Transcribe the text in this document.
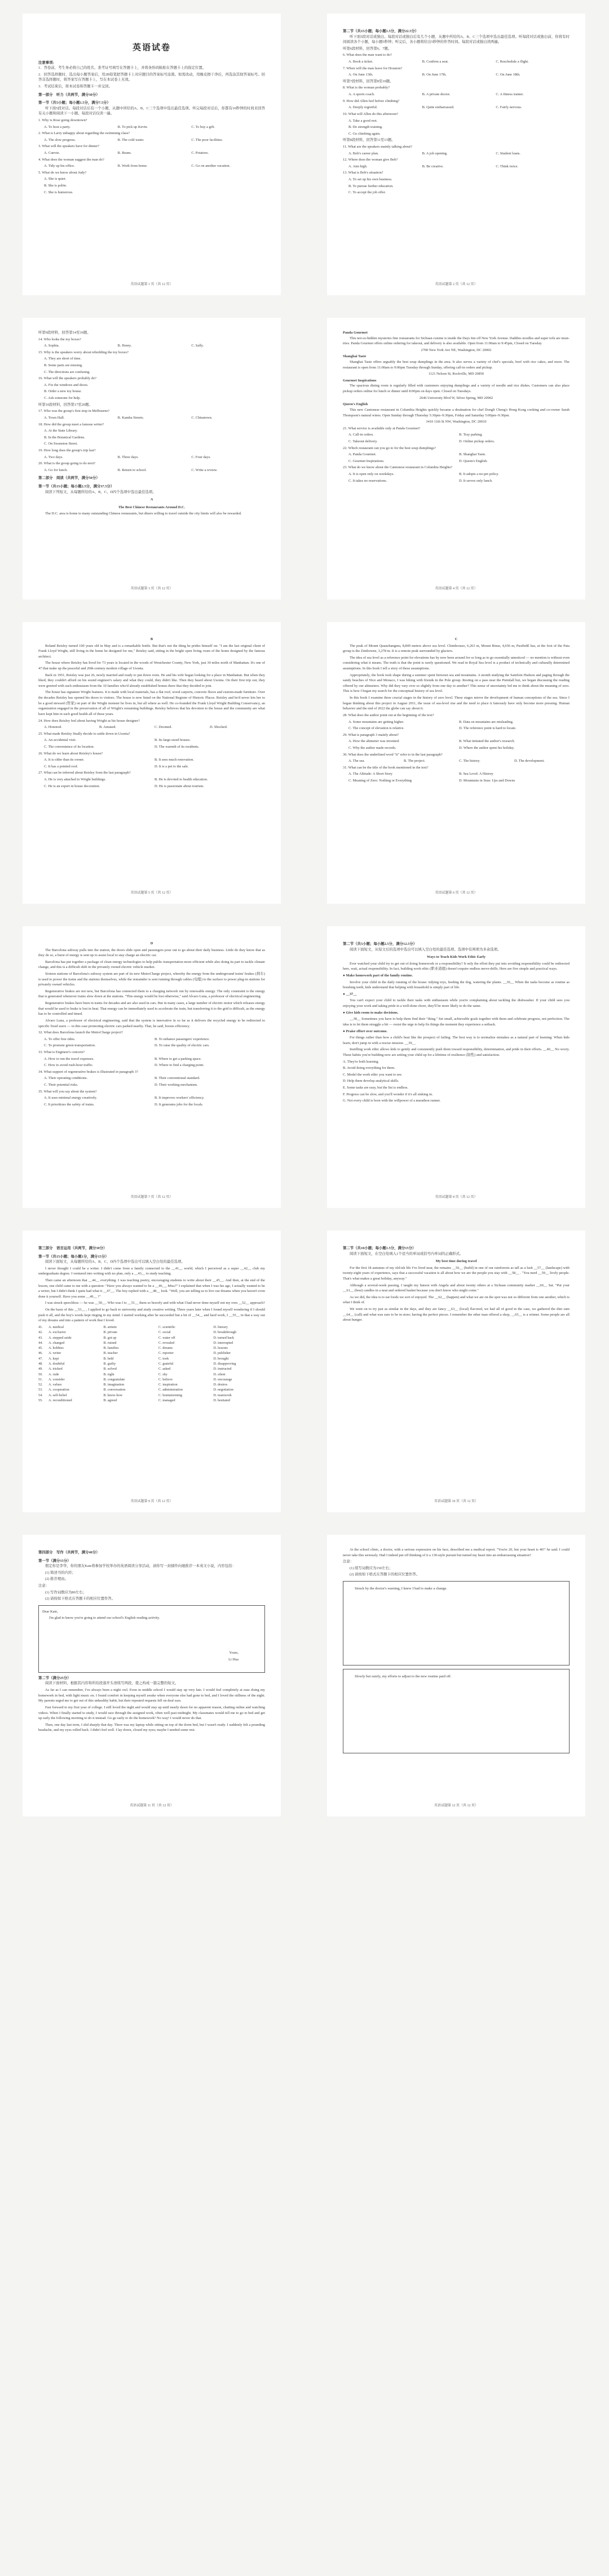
英语试卷
注意事项:

1．答卷前，考生务必将自己的姓名、准考证号填写在答题卡上，并将条形码粘贴在答题卡上的指定位置。

2．回答选择题时，选出每小题答案后，用2B铅笔把答题卡上对应题目的答案标号涂黑。如需改动，用橡皮擦干净后，再选涂其他答案标号。回答非选择题时，将答案写在答题卡上，写在本试卷上无效。

3．考试结束后，将本试卷和答题卡一并交回。

第一部分　听力（共两节，满分30分）
第一节（共5小题；每小题1.5分，满分7.5分）

听下面5段对话。每段对话后有一个小题，从题中所给的A、B、C三个选项中选出最佳选项。听完每段对话后，你都有10秒钟的时间来回答有关小题和阅读下一小题。每段对话仅读一遍。

1. Why is Rose going downtown?

A. To host a party.	B. To pick up Kevin.	C. To buy a gift.

2. What is Larry unhappy about regarding the swimming class?

A. The slow progress.	B. The cold water.	C. The poor facilities.

3. What will the speakers have for dinner?

A. Carrots.	B. Beans.	C. Potatoes.

4. What does the woman suggest the man do?

A. Tidy up his office.	B. Work from home.	C. Go on another vacation.

5. What do we know about Judy?

A. She is quiet.

B. She is polite.

C. She is humorous.

英语试题第 1 页（共 12 页）
第二节（共15小题；每小题1.5分，满分22.5分）

听下面5段对话或独白。每段对话或独白后有几个小题，从题中所给的A、B、C三个选项中选出最佳选项。听每段对话或独白前，你将有时间阅读各个小题，每小题5秒钟；听完后，各小题将给出5秒钟的作答时间。每段对话或独白读两遍。

听第6段材料，回答第6、7题。

6. What does the man want to do?

A. Book a ticket.	B. Confirm a seat.	C. Reschedule a flight.

7. When will the man leave for Houston?

A. On June 13th.	B. On June 17th.	C. On June 18th.

听第7段材料，回答第8至10题。

8. What is the woman probably?

A. A sports coach.	B. A private doctor.	C. A fitness trainer.

9. How did Allen feel before climbing?

A. Deeply regretful.	B. Quite embarrassed.	C. Fairly nervous.

10. What will Allen do this afternoon?

A. Take a good rest.

B. Do strength training.

C. Go climbing again.

听第8段材料，回答第11至13题。

11. What are the speakers mainly talking about?

A. Bob's career plan.	B. A job opening.	C. Student loans.

12. Where does the woman give Bob?

A. Aim high.	B. Be creative.	C. Think twice.

13. What is Bob's situation?

A. To set up his own business.

B. To pursue further education.

C. To accept the job offer.

英语试题第 2 页（共 12 页）

听第9段材料，回答第14至16题。

14. Who looks the toy boxes?

A. Sophia.	B. Henry.	C. Sally.

15. Why is the speakers worry about rebuilding the toy boxes?

A. They are short of time.

B. Some parts are missing.

C. The directions are confusing.

16. What will the speakers probably do?

A. Fix the windows and doors.

B. Order a new toy house.

C. Ask someone for help.

听第10段材料，回答第17至20题。

17. Who was the group's first stop in Melbourne?

A. Town Hall.	B. Kamba Streets.	C. Chinatown.

18. How did the group meet a famous writer?

A. At the State Library.

B. In the Botanical Gardens.

C. On Swanston Street.

19. How long does the group's trip last?

A. Two days.	B. Three days.	C. Four days.

20. What is the group going to do next?

A. Go for lunch.	B. Return to school.	C. Write a review.
第二部分　阅读（共两节，满分50分）
第一节（共15小题；每小题2.5分，满分37.5分）

阅读下列短文，从每题所给的A、B、C、D四个选项中选出最佳选项。

A
The Best Chinese Restaurants Around D.C.

The D.C. area is home to many outstanding Chinese restaurants, but diners willing to travel outside the city limits will also be rewarded.

英语试题第 3 页（共 12 页）
Panda Gourmet

This not-so-hidden mysteries fine restaurants for Sichuan cuisine is inside the Days Inn off New York Avenue. Daddies noodles and super tofu are must-tries. Panda Gourmet offers online ordering for takeout, and delivery is also available. Open from 11:00am to 9:45pm, Closed on Tuesday.

2700 New York Ave NE, Washington, DC 20002

Shanghai Taste

Shanghai Taste offers arguably the best soup dumplings in the area. It also serves a variety of chef's specials, beef with rice cakes, and more. The restaurant is open from 11:00am to 9:00pm Tuesday through Sunday, offering call-in orders and pickup.

1121 Nelson St, Rockville, MD 20850

Gourmet Inspirations

The spacious dining room is regularly filled with customers enjoying dumplings and a variety of noodle and rice dishes. Customers can also place pickup orders online for lunch or dinner until 8:00pm on days open. Closed on Tuesdays.

2646 University Blvd W, Silver Spring, MD 20902

Queen's English

This new Cantonese restaurant in Columbia Heights quickly became a destination for chef Dongli Cheng's Hong Kong cooking and co-owner Sarah Thompson's natural wines. Open Sunday through Thursday 5:30pm–9:30pm, Friday and Saturday 5:00pm–9:30pm.

3410 11th St NW, Washington, DC 20010

21. What service is available only at Panda Gourmet?

A. Call-in orders.	B. Tray parking.
C. Takeout delivery.	D. Online pickup orders.

22. Which restaurant can you go to for the best soup dumplings?

A. Panda Gourmet.	B. Shanghai Taste.
C. Gourmet Inspirations.	D. Queen's English.

23. What do we know about the Cantonese restaurant in Columbia Heights?

A. It is open only on weekdays.	B. It adopts a no-pet policy.
C. It takes no reservations.	D. It serves only lunch.
英语试题第 4 页（共 12 页）
B

Roland Reisley turned 100 years old in May and is a remarkable bottle. But that's not the thing he prides himself on. "I am the last original client of Frank Lloyd Wright, still living in the home he designed for me," Reisley said, sitting in the bright open living room of the home designed by the famous architect.

The house where Reisley has lived for 73 years is located in the woods of Westchester County, New York, just 30 miles north of Manhattan. It's one of 47 that make up the peaceful and 20th-century modern village of Usonia.

Back in 1951, Reisley was just 26, newly married and ready to put down roots. He and his wife began looking for a place in Manhattan. But when they liked, they couldn't afford on his sound engineer's salary and what they could, they didn't like. Then they heard about Usonia. On their first trip out, they were greeted with such enthusiasm from the 10 families who'd already established homes there that they decided to join.

The house has signature Wright features. It is made with local materials, has a flat roof, wood carports, concrete floors and custom-made furniture. Over the decades Reisley has opened his doors to visitors. The house is now listed on the National Register of Historic Places. Reisley and he'd never lets her to be a good steward (管家) on part of the Wright monster he lives in, but all where as well. He co-founded the Frank Lloyd Wright Building Conservancy, an organization engaged in the preservation of all of Wright's remaining buildings. Reisley believes that his devotion to the house and the community are what have kept him in such good health all of these years.

24. How does Reisley feel about having Wright as his house designer?

A. Honored.	B. Amused.	C. Doomed.	D. Shocked.

25. What made Reisley finally decide to settle down in Usonia?

A. An accidental visit.	B. Its large-sized houses.
C. The convenience of its location.	D. The warmth of its residents.

26. What do we learn about Reisley's house?

A. It is older than its owner.	B. It sees much renovation.
C. It has a pointed roof.	D. It is a pet to the sale.

27. What can be inferred about Reisley from the last paragraph?

A. He is very attached to Wright buildings.	B. He is devoted to health education.
C. He is an expert in house decoration.	D. He is passionate about tourism.
英语试题第 5 页（共 12 页）
C

The peak of Mount Quanzhangmu, 8,849 meters above sea level. Chimborazo, 6,263 m, Mount Rinse, 4,656 m, Pusibidil has, at the foot of the Pata group is the Zimbowne, 3,278 m. It is a remote peak surrounded by glaciers.

The idea of sea level as a reference point for elevations has by now been around for so long as to go essentially unnoticed — no mention is without even considering what it means. The truth is that the point is rarely questioned. We read in Royal Sea level is a product of technically and culturally determined assumptions. In this book I tell a story of these assumptions.

Appropriately, the book took shape during a summer spent between sea and mountains. A month studying the Sainfoin Hudson and paging through the sandy beaches of Nice and Monaco, I was hiking with friends in the Pole group. Resting on a pass near the Puimlall hut, we began discussing the reading offered by our altimeters. Why did they vary over so slightly from one day to another? This sense of uncertainty led me to think about the meaning of zero. This is how I began my search for the conceptual history of sea level.

In this book I examine three crucial stages in the history of zero level. These stages mirror the development of human conceptions of the sea. Since I began thinking about this project in August 2011, the issue of sea-level rise and the need to place it famously have only become more pressing. Human behavior and the end of 2022 the globe can say about it.

28. What does the author point out at the beginning of the text?

A. Some mountains are getting higher.	B. Data on mountains are misleading.
C. The concept of elevation is relative.	D. The reference point is hard to locate.

29. What is paragraph 3 mainly about?

A. How the altimeter was invented.	B. What initiated the author's research.
C. Why the author made records.	D. Where the author spent his holiday.

30. What does the underlined word "it" refer to in the last paragraph?

A. The sea.	B. The project.	C. The history.	D. The development.

31. What can be the title of the book mentioned in the text?

A. The Altitude: A Short Story	B. Sea Level: A History
C. Meaning of Zero: Nothing or Everything	D. Mountains in Seas: Ups and Downs
英语试题第 6 页（共 12 页）
D

The Barcelona subway pulls into the station, the doors slide open and passengers pour out to go about their daily business. Little do they know that as they do so, a burst of energy is sent up to assist local to stay charge an electric car.

Barcelona has put together a package of clean energy technologies to help public transportation more efficient while also doing its part to tackle climate change, and this is a difficult shift in the privately owned electric vehicle market.

Sixteen stations of Barcelona's subway system are part of its new MetroCharge project, whereby the energy from the underground trains' brakes (刹车) is used to power the trains and the stations themselves, while the remainder is sent running through cables (电缆) to the surface to power plug-in stations for privately owned vehicles.

Regenerative brakes are not new, but Barcelona has connected them to a charging network run by renewable energy. The only constraint is the energy that is generated whenever trains slow down at the stations. "This energy would be lost otherwise," said Alvaro Luna, a professor of electrical engineering.

Regenerative brakes have been in trains for decades and are also used in cars. But in many cases, a large number of electric motor which releases energy that would be used to brake is lost in heat. That energy can be immediately used to accelerate the train, but transferring it to the grid is difficult, as the energy has to be controlled and timed.

Alvaro Luna, a professor of electrical engineering, said that the system is innovative in so far as it delivers the recycled energy to be redirected to specific fixed users — in this case promoting electric cars parked nearby. That, he said, boosts efficiency.

32. What does Barcelona launch the MetroCharge project?

A. To offer free rides.	B. To enhance passengers' experience.
C. To promote green transportation.	D. To raise the quality of electric cars.

33. What is Engineer's concern?

A. How to run the travel expenses.	B. Where to get a parking space.
C. How to avoid rush-hour traffic.	D. Where to find a charging point.

34. What support of regenerative brakes is illustrated in paragraph 3?

A. Their operating conditions.	B. Their conventional standard.
C. Their potential risks.	D. Their working mechanism.

35. What will you say about the system?

A. It uses minimal energy creatively.	B. It improves workers' efficiency.
C. It prioritizes the safety of trains.	D. It generates jobs for the locals.
英语试题第 7 页（共 12 页）
第二节（共5小题；每小题2.5分，满分12.5分）

阅读下面短文，从短文后的选项中选出可以填入空白处的最佳选项。选项中有两项为多余选项。

Ways to Teach Kids Work Ethic Early

Ever watched your child try to get out of doing homework or a responsibility? It only the effort they put into avoiding responsibility could be redirected here, wait, actual responsibility. In fact, building work ethic (职业道德) doesn't require endless nerve-drills. Here are five simple and practical ways.

● Make homework part of the family routine.

Involve your child in the daily running of the house: tidying toys, feeding the dog, watering the plants. __36__ When the tasks become as routine as brushing teeth, kids understand that helping with household is simply part of life.

● __37__

You can't expect your child to tackle their tasks with enthusiasm while you're complaining about tackling the dishwasher. If your child sees you enjoying your work and taking pride in a well-done chore, they'll be more likely to do the same.

● Give kids room to make decisions.

__38__ Sometimes you have to help them find their "thing." Set small, achievable goals together with them and celebrate progress, not perfection. The idea is to let them struggle a bit — resist the urge to help fix things the moment they experience a setback.

● Praise effort over outcome.

For things rather than how a child's beat like the prospect of failing. The best way is to normalize mistakes as a natural part of learning. When kids learn, don't jump in with a rescue mission. __39__

Instilling work ethic allows kids to gently and consistently push them toward responsibility, determination, and pride in their efforts. __40__ No worry. These habits you're building now are setting your child up for a lifetime of resilience (韧性) and satisfaction.

A. They're both learning.

B. Avoid doing everything for them.

C. Model the work ethic you want to see.

D. Help them develop analytical skills.

E. Some tasks are easy, but the list is endless.

F. Progress can be slow, and you'll wonder if it's all sinking in.

G. Not every child is born with the willpower of a marathon runner.

英语试题第 8 页（共 12 页）
第三部分　语言运用（共两节，满分30分）
第一节（共15小题；每小题1分，满分15分）

阅读下面短文，从每题所给的A、B、C、D四个选项中选出可以填入空白处的最佳选项。

I never thought I could be a writer. I didn't come from a family connected to the __41__ world, which I perceived as a super __42__ club my undergraduate degree. I ventured into writing with no plan, only a __43__ to study teaching.

Then came an afternoon that __44__ everything. I was teaching poetry, encouraging students to write about their __45__. And then, at the end of the lesson, one child came to me with a question: "Have you always wanted to be a __46__, Miss?" I explained that when I was his age, I actually wanted to be a writer, but I didn't think I quite had what it __47__. The boy replied with a __48__ look. "Well, you are telling us to live our dreams when you haven't even done it yourself. Have you some __49__ ?"

I was struck speechless — he was __50__. Who was I to __51__ them so bravely and with what I had never done myself not my own __52__ approach?

On the basis of this __53__ , I applied to go back to university and study creative writing. Three years later when I found myself wondering if I should push it all, and the boy's words kept ringing in my mind. I started working after he succeeded but a bit of __54__ and hard work, I __55__ in that a way out of my dreams and into a pattern of work that I loved.

41.	A. medical	B. artistic	C. scientific	D. literary
42.	A. exclusive	B. private	C. social	D. breakthrough
43.	A. stepped aside	B. got up	C. water off	D. turned back
44.	A. changed	B. ruined	C. revealed	D. interrupted
45.	A. hobbies	B. families	C. dreams	D. lessons
46.	A. writer	B. teacher	C. reporter	D. publisher
47.	A. kept	B. held	C. took	D. brought
48.	A. doubtful	B. guilty	C. grateful	D. disapproving
49.	A. tricked	B. solved	C. asked	D. instructed
50.	A. rude	B. right	C. shy	D. silent
51.	A. consider	B. congratulate	C. believe	D. encourage
52.	A. values	B. imagination	C. inspiration	D. desires
53.	A. cooperation	B. conversation	C. administration	D. negotiation
54.	A. self-belief	B. know-how	C. brainstorming	D. teamwork
55.	A. reconditioned	B. agreed	C. managed	D. hesitated
英语试题第 9 页（共 12 页）
第二节（共10小题；每小题1.5分，满分15分）

阅读下面短文，在空白处填入1个适当的单词或括号内单词的正确形式。

My best time during travel

For the first 18 autumns of my old-ish life I've lived near, the remains __56__ (build) in one of our rainforests as tall as a lush __57__ (landscape) with twenty-eight years of experience, says that a successful vacation is all about how we are the people you stay with __58__ . "You need __59__ lively people. That's what makes a great holiday, anyway."

Although a several-week passing, I taught my liaison with Angela and about twenty others at a Sichuan community market __60__ Sat. "Put your __61__ (best) candles in a neat and ordered basket because you don't know who might come."

As we did, the idea is to eat foods we sort of enjoyed. The __62__ (happen) and what we ate on the spot was not so different from one another, which is what I think of.

We went on to try just as similar in the days, and they are fancy __63__ (local) flavored, we had all of good in the case, we gathered the dim sum __64__ (call) and what was sure to be in store; having the perfect pieces. I remember the other man offered a shop, __65__ is a winner. Some people are all about hunger.

英语试题第 10 页（共 12 页）
第四部分　写作（共两节，满分40分）
第一节（满分15分）

假定你是李华，你的朋友Kate将参加学校举办的英语阅读分享活动，请你写一封邮件向她推荐一本英文小说，内容包括：

(1) 简述书的内容；

(2) 推荐理由。

注意：

(1) 写作词数应为80左右；

(2) 请按如下格式在答题卡的相应位置作答。

Dear Kate,

I'm glad to know you're going to attend our school's English reading activity.

Yours,

Li Hua

第二节（满分25分）

阅读下面材料，根据其内容和所给段落开头语续写两段，使之构成一篇完整的短文。

As far as I can remember, I've always been a night owl. Even in middle school I would stay up very late. I would feel completely at ease doing my homework in bed, with light music on. I found comfort in keeping myself awake when everyone else had gone to bed, and I loved the stillness of the night. My parents urged me to get out of this unhealthy habit, but their repeated requests fell on deaf ears.

Fast forward to my first year of college. I still loved the night and would stay up until nearly dawn for no apparent reason, chatting online and watching videos. When I finally started to study, I would race through the assigned work, often well past midnight. My classmates would tell me to go to bed and get up early the following morning to do it instead. Go go early to do the homework? No way! I would never do that.

Then, one day last term, I slid sharply that day. There was my laptop while sitting on top of the dorm bed, but I wasn't ready. I suddenly felt a pounding headache, and my eyes rolled back. I didn't feel well. I lay down, closed my eyes; maybe I needed some rest.

英语试题第 11 页（共 12 页）

At the school clinic, a doctor, with a serious expression on his face, described me a medical report. "You're 20, but your heart is 40!" he said. I could never take this seriously. Had I indeed put off thinking of it a 130-style pursuit but turned my heart into an embarrassing situation?

注意：

(1) 续写词数应为150左右；

(2) 请按如下格式在答题卡的相应位置作答。

Struck by the doctor's warning, I knew I had to make a change.

Slowly but surely, my efforts to adjust to the new routine paid off.

英语试题第 12 页（共 12 页）
